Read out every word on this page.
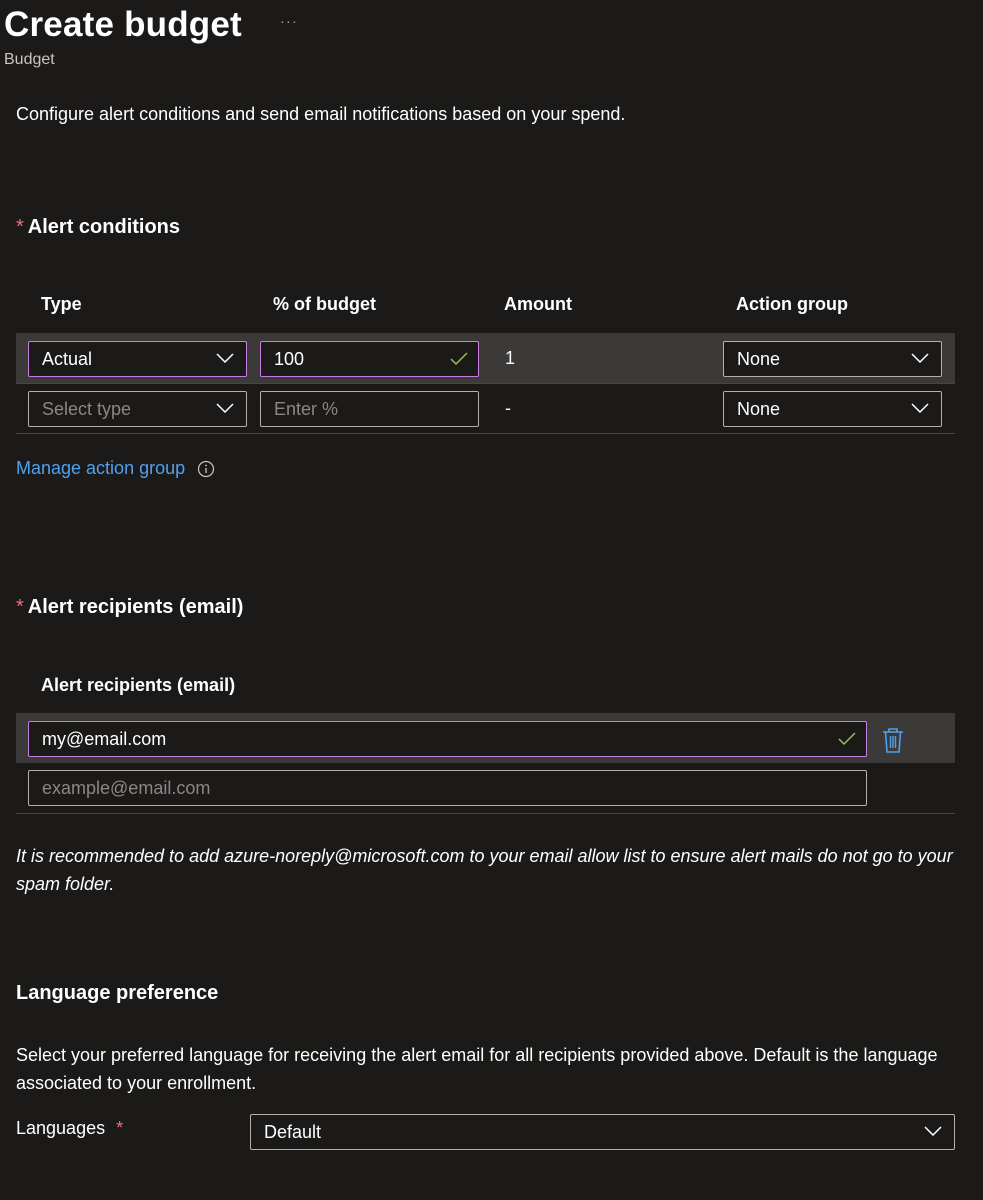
Create budget	···
Budget
Configure alert conditions and send email notifications based on your spend.
* Alert conditions
Type	% of budget	Amount	Action group
Actual	100	1	None
Select type	Enter %	-	None
Manage action group
* Alert recipients (email)
Alert recipients (email)
my@email.com
example@email.com
It is recommended to add azure-noreply@microsoft.com to your email allow list to ensure alert mails do not go to your spam folder.
Language preference
Select your preferred language for receiving the alert email for all recipients provided above. Default is the language associated to your enrollment.
Languages *	Default
